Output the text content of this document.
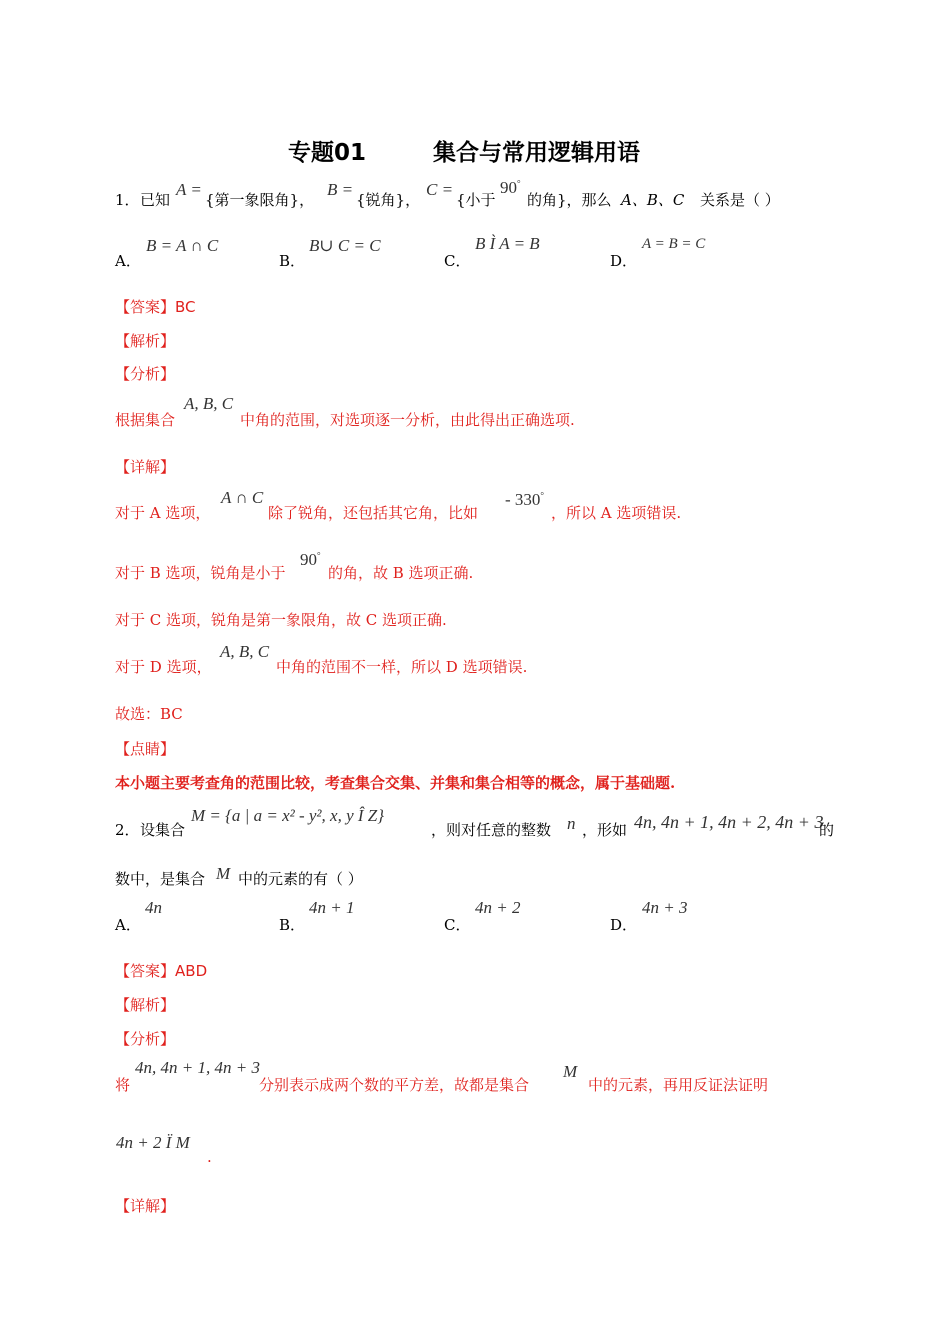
专题01	集合与常用逻辑用语
1． 已知
A =
{第一象限角}，
B =
{锐角}，
C =
{小于
90°
的角}，那么 A、B、C 关系是（ ）
A．
B = A ∩ C
B．
B∪ C = C
C．
B Ì A = B
D．
A = B = C
【答案】BC
【解析】
【分析】
根据集合
A, B, C
中角的范围，对选项逐一分析，由此得出正确选项.
【详解】
对于 A 选项，
A ∩ C
除了锐角，还包括其它角，比如
- 330°
，所以 A 选项错误.
对于 B 选项，锐角是小于
90°
的角，故 B 选项正确.
对于 C 选项，锐角是第一象限角，故 C 选项正确.
对于 D 选项，
A, B, C
中角的范围不一样，所以 D 选项错误.
故选：BC
【点睛】
本小题主要考查角的范围比较，考查集合交集、并集和集合相等的概念，属于基础题.
2． 设集合
M = {a | a = x² - y², x, y Î Z}
，则对任意的整数 n ，形如 4n, 4n + 1, 4n + 2, 4n + 3
的
数中，是集合 M 中的元素的有（ ）
A．
4n
B．
4n + 1
C．
4n + 2
D．
4n + 3
【答案】ABD
【解析】
【分析】
将
4n, 4n + 1, 4n + 3
分别表示成两个数的平方差，故都是集合
M
中的元素，再用反证法证明
4n + 2 Ï M
.
【详解】
